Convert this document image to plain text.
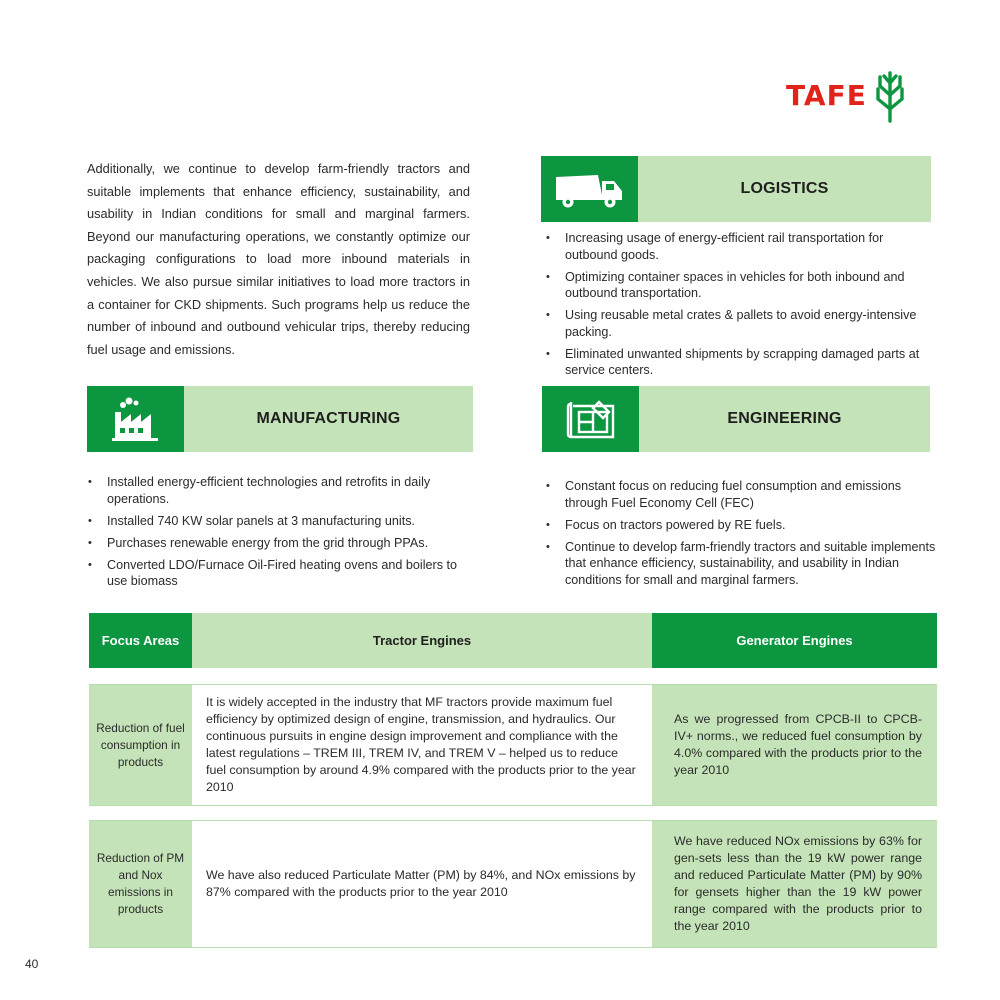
TAFE

Additionally, we continue to develop farm-friendly tractors and suitable implements that enhance efficiency, sustainability, and usability in Indian conditions for small and marginal farmers. Beyond our manufacturing operations, we constantly optimize our packaging configurations to load more inbound materials in vehicles. We also pursue similar initiatives to load more tractors in a container for CKD shipments. Such programs help us reduce the number of inbound and outbound vehicular trips, thereby reducing fuel usage and emissions.

LOGISTICS
• Increasing usage of energy-efficient rail transportation for outbound goods.
• Optimizing container spaces in vehicles for both inbound and outbound transportation.
• Using reusable metal crates & pallets to avoid energy-intensive packing.
• Eliminated unwanted shipments by scrapping damaged parts at service centers.
MANUFACTURING
• Installed energy-efficient technologies and retrofits in daily operations.
• Installed 740 KW solar panels at 3 manufacturing units.
• Purchases renewable energy from the grid through PPAs.
• Converted LDO/Furnace Oil-Fired heating ovens and boilers to use biomass
ENGINEERING
• Constant focus on reducing fuel consumption and emissions through Fuel Economy Cell (FEC)
• Focus on tractors powered by RE fuels.
• Continue to develop farm-friendly tractors and suitable implements that enhance efficiency, sustainability, and usability in Indian conditions for small and marginal farmers.
Focus Areas	Tractor Engines	Generator Engines
Reduction of fuel consumption in products
It is widely accepted in the industry that MF tractors provide maximum fuel efficiency by optimized design of engine, transmission, and hydraulics. Our continuous pursuits in engine design improvement and compliance with the latest regulations – TREM III, TREM IV, and TREM V – helped us to reduce fuel consumption by around 4.9% compared with the products prior to the year 2010
As we progressed from CPCB-II to CPCB-IV+ norms., we reduced fuel consumption by 4.0% compared with the products prior to the year 2010
Reduction of PM and Nox emissions in products
We have also reduced Particulate Matter (PM) by 84%, and NOx emissions by 87% compared with the products prior to the year 2010
We have reduced NOx emissions by 63% for gen-sets less than the 19 kW power range and reduced Particulate Matter (PM) by 90% for gensets higher than the 19 kW power range compared with the products prior to the year 2010
40
